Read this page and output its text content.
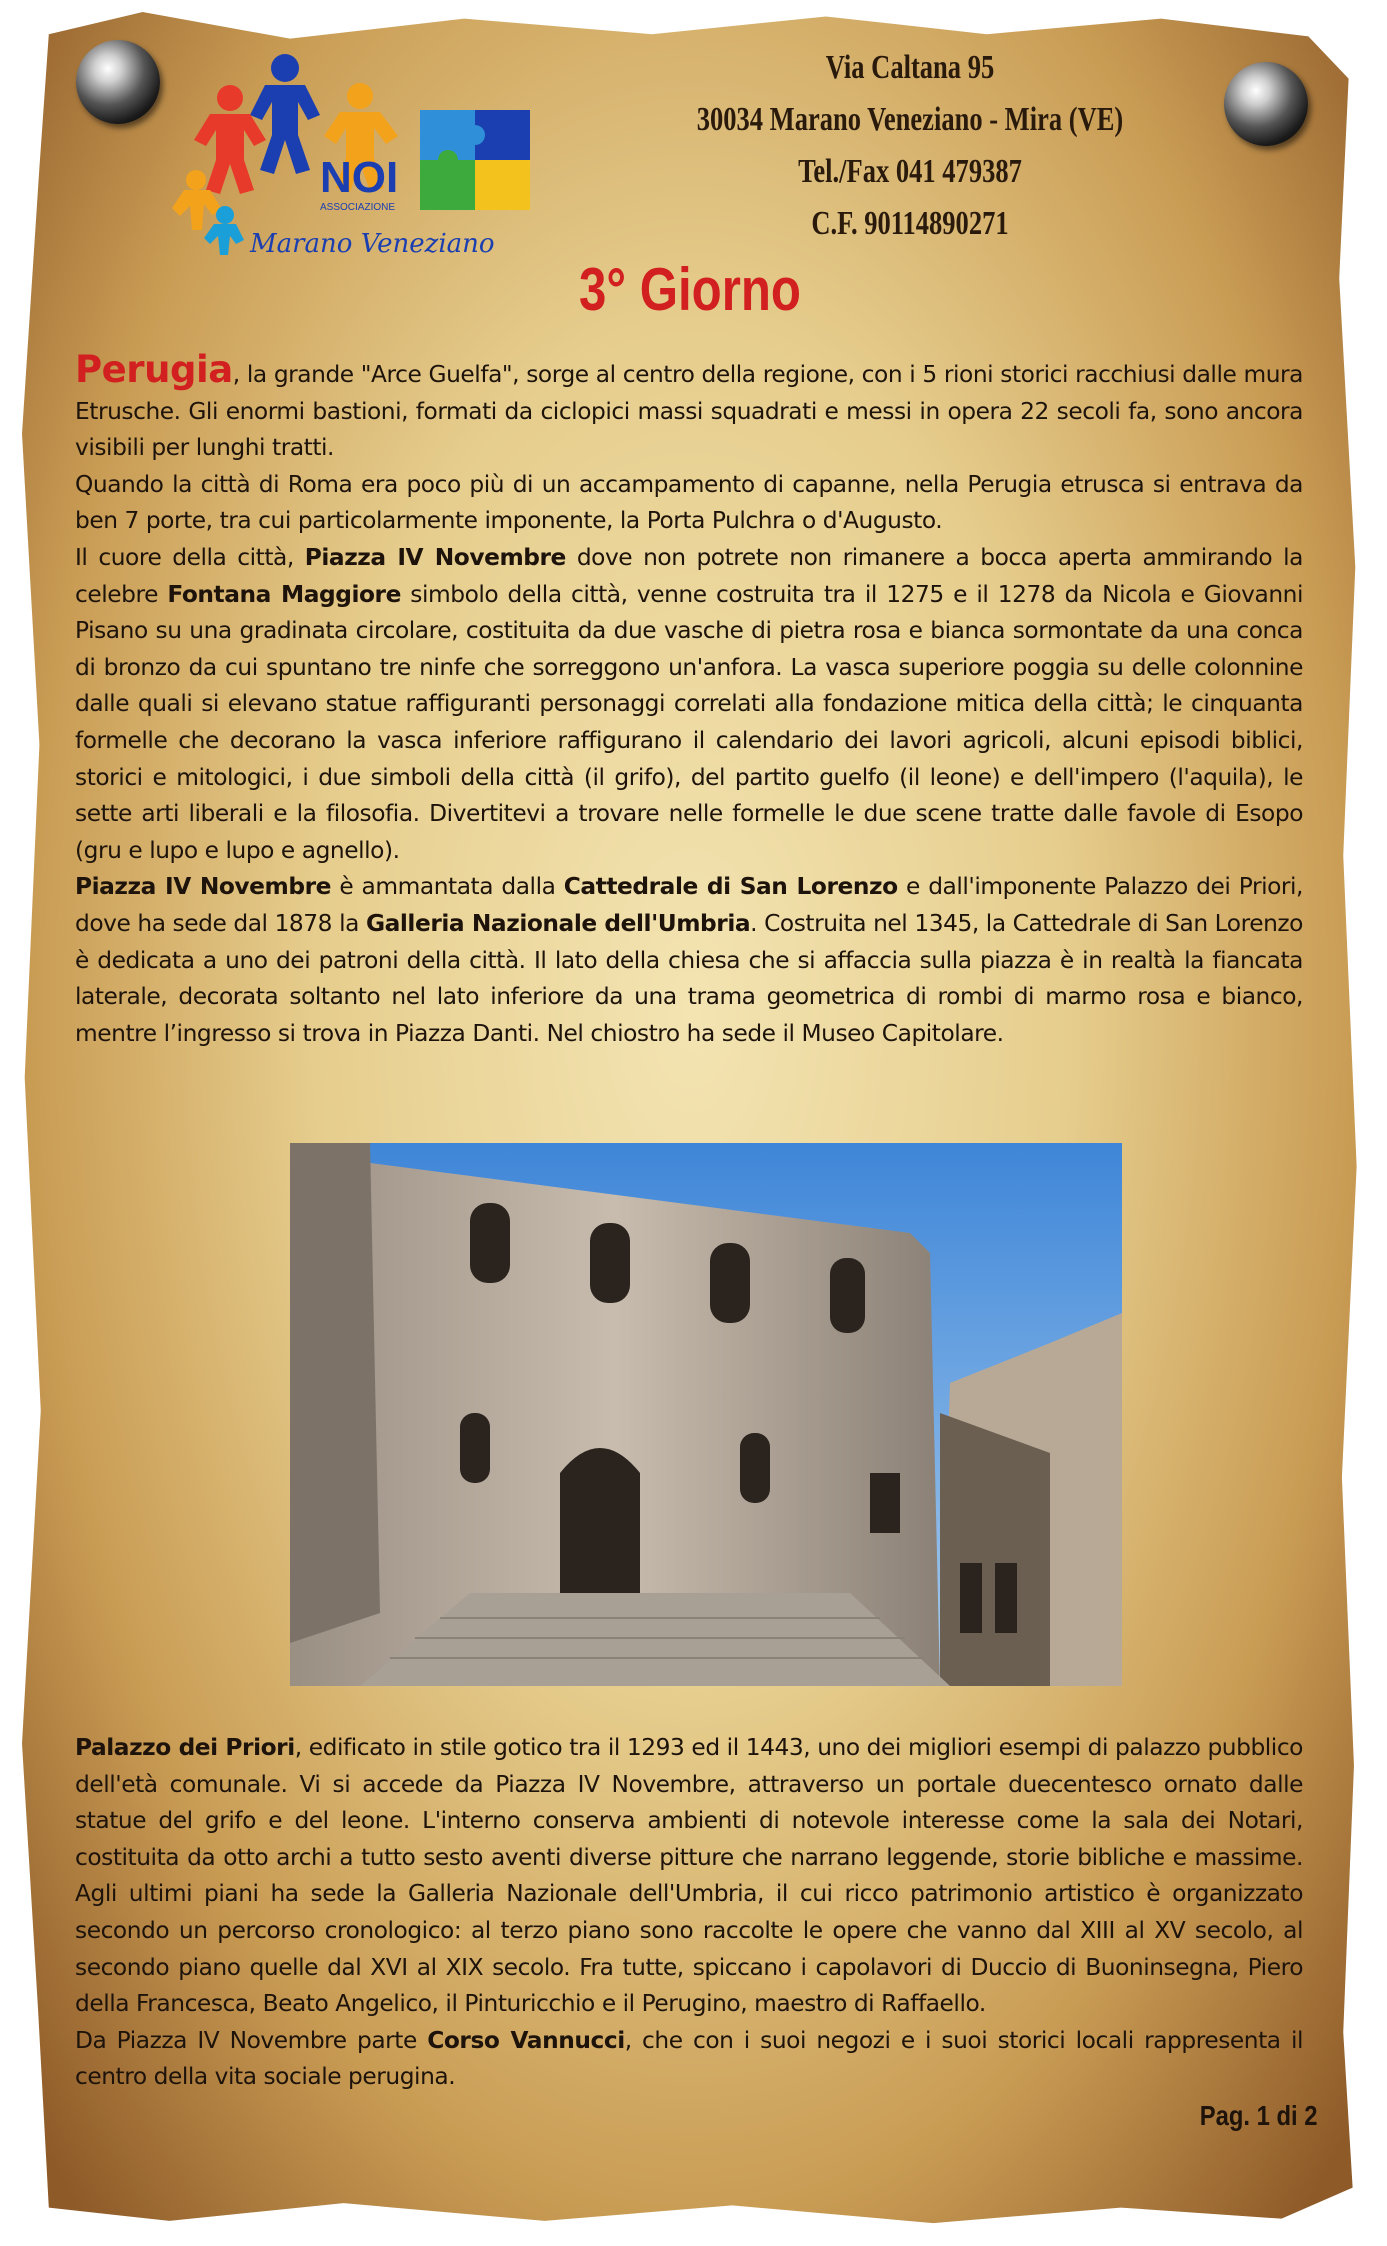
NOI
ASSOCIAZIONE
Marano Veneziano
Via Caltana 95
30034 Marano Veneziano - Mira (VE)
Tel./Fax 041 479387
C.F. 90114890271
3° Giorno

Perugia, la grande "Arce Guelfa", sorge al centro della regione, con i 5 rioni storici racchiusi dalle mura Etrusche. Gli enormi bastioni, formati da ciclopici massi squadrati e messi in opera 22 secoli fa, sono ancora visibili per lunghi tratti.

Quando la città di Roma era poco più di un accampamento di capanne, nella Perugia etrusca si entrava da ben 7 porte, tra cui particolarmente imponente, la Porta Pulchra o d'Augusto.

Il cuore della città, Piazza IV Novembre dove non potrete non rimanere a bocca aperta ammirando la celebre Fontana Maggiore simbolo della città, venne costruita tra il 1275 e il 1278 da Nicola e Giovanni Pisano su una gradinata circolare, costituita da due vasche di pietra rosa e bianca sormontate da una conca di bronzo da cui spuntano tre ninfe che sorreggono un'anfora. La vasca superiore poggia su delle colonnine dalle quali si elevano statue raffiguranti personaggi correlati alla fondazione mitica della città; le cinquanta formelle che decorano la vasca inferiore raffigurano il calendario dei lavori agricoli, alcuni episodi biblici, storici e mitologici, i due simboli della città (il grifo), del partito guelfo (il leone) e dell'impero (l'aquila), le sette arti liberali e la filosofia. Divertitevi a trovare nelle formelle le due scene tratte dalle favole di Esopo (gru e lupo e lupo e agnello).

Piazza IV Novembre è ammantata dalla Cattedrale di San Lorenzo e dall'imponente Palazzo dei Priori, dove ha sede dal 1878 la Galleria Nazionale dell'Umbria. Costruita nel 1345, la Cattedrale di San Lorenzo è dedicata a uno dei patroni della città. Il lato della chiesa che si affaccia sulla piazza è in realtà la fiancata laterale, decorata soltanto nel lato inferiore da una trama geometrica di rombi di marmo rosa e bianco, mentre l’ingresso si trova in Piazza Danti. Nel chiostro ha sede il Museo Capitolare.

Palazzo dei Priori, edificato in stile gotico tra il 1293 ed il 1443, uno dei migliori esempi di palazzo pubblico dell'età comunale. Vi si accede da Piazza IV Novembre, attraverso un portale duecentesco ornato dalle statue del grifo e del leone. L'interno conserva ambienti di notevole interesse come la sala dei Notari, costituita da otto archi a tutto sesto aventi diverse pitture che narrano leggende, storie bibliche e massime. Agli ultimi piani ha sede la Galleria Nazionale dell'Umbria, il cui ricco patrimonio artistico è organizzato secondo un percorso cronologico: al terzo piano sono raccolte le opere che vanno dal XIII al XV secolo, al secondo piano quelle dal XVI al XIX secolo. Fra tutte, spiccano i capolavori di Duccio di Buoninsegna, Piero della Francesca, Beato Angelico, il Pinturicchio e il Perugino, maestro di Raffaello.

Da Piazza IV Novembre parte Corso Vannucci, che con i suoi negozi e i suoi storici locali rappresenta il centro della vita sociale perugina.

Pag. 1 di 2
